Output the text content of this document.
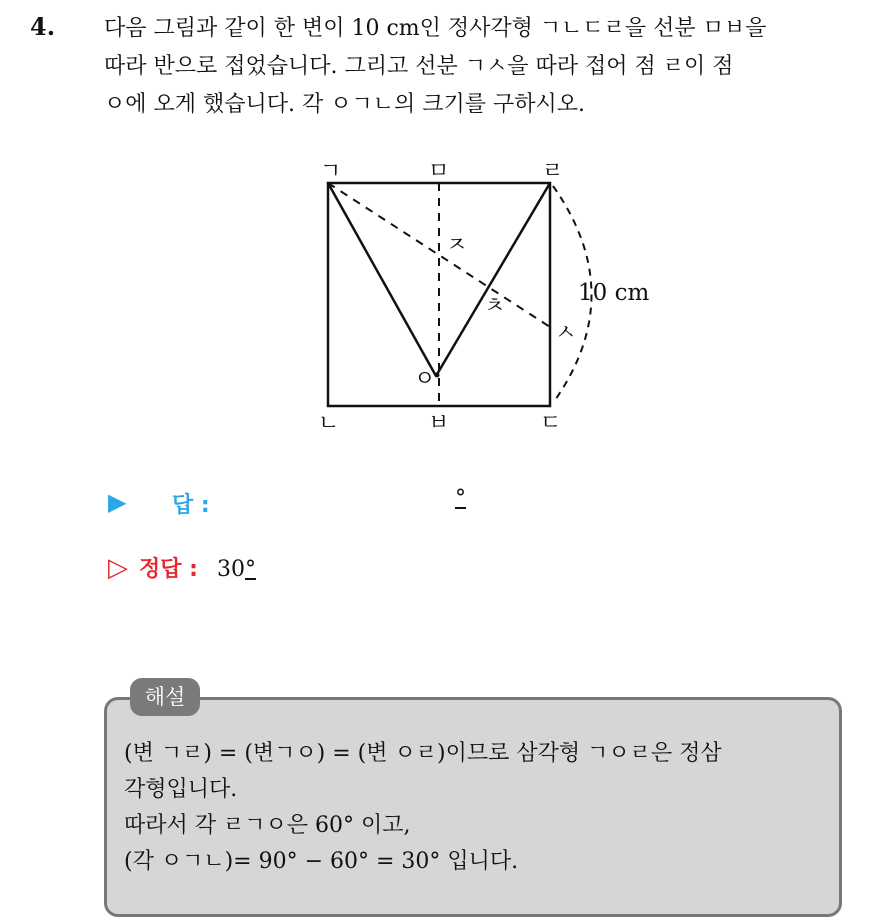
4. 다음 그림과 같이 한 변이 10 cm인 정사각형 ㄱㄴㄷㄹ을 선분 ㅁㅂ을
따라 반으로 접었습니다. 그리고 선분 ㄱㅅ을 따라 접어 점 ㄹ이 점
ㅇ에 오게 했습니다. 각 ㅇㄱㄴ의 크기를 구하시오.
ㄱ	ㅁ	ㄹ
ㄴ	ㅂ	ㄷ
ㅈ
ㅊ
ㅅ
ㅇ
10 cm
▶ 답 :	°
▷ 정답 : 30°
해설
(변 ㄱㄹ) = (변ㄱㅇ) = (변 ㅇㄹ)이므로 삼각형 ㄱㅇㄹ은 정삼
각형입니다.
따라서 각 ㄹㄱㅇ은 60° 이고,
(각 ㅇㄱㄴ)= 90° − 60° = 30° 입니다.
